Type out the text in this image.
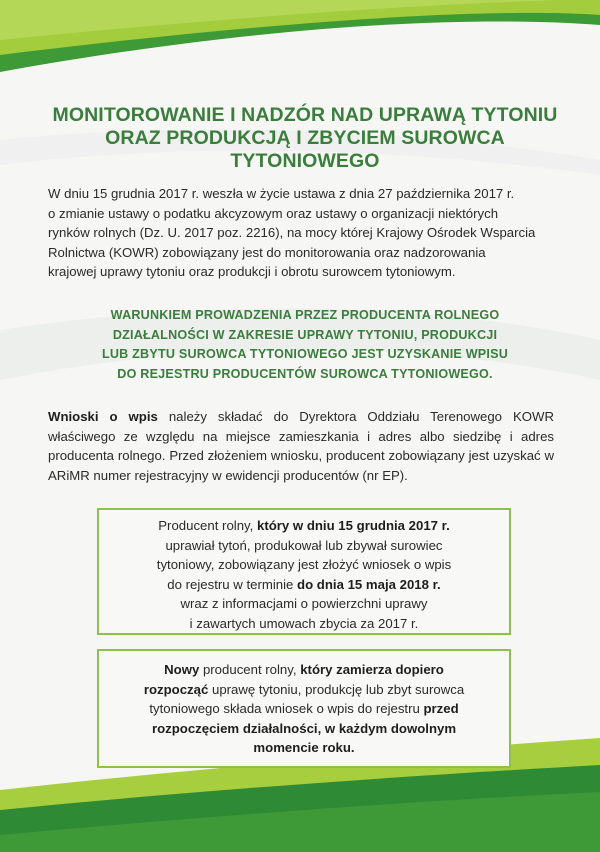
MONITOROWANIE I NADZÓR NAD UPRAWĄ TYTONIU
ORAZ PRODUKCJĄ I ZBYCIEM SUROWCA TYTONIOWEGO
W dniu 15 grudnia 2017 r. weszła w życie ustawa z dnia 27 października 2017 r.
o zmianie ustawy o podatku akcyzowym oraz ustawy o organizacji niektórych
rynków rolnych (Dz. U. 2017 poz. 2216), na mocy której Krajowy Ośrodek Wsparcia
Rolnictwa (KOWR) zobowiązany jest do monitorowania oraz nadzorowania
krajowej uprawy tytoniu oraz produkcji i obrotu surowcem tytoniowym.
WARUNKIEM PROWADZENIA PRZEZ PRODUCENTA ROLNEGO
DZIAŁALNOŚCI W ZAKRESIE UPRAWY TYTONIU, PRODUKCJI
LUB ZBYTU SUROWCA TYTONIOWEGO JEST UZYSKANIE WPISU
DO REJESTRU PRODUCENTÓW SUROWCA TYTONIOWEGO.
Wnioski o wpis należy składać do Dyrektora Oddziału Terenowego KOWR właściwego ze względu na miejsce zamieszkania i adres albo siedzibę i adres producenta rolnego. Przed złożeniem wniosku, producent zobowiązany jest uzyskać w ARiMR numer rejestracyjny w ewidencji producentów (nr EP).
Producent rolny, który w dniu 15 grudnia 2017 r.
uprawiał tytoń, produkował lub zbywał surowiec
tytoniowy, zobowiązany jest złożyć wniosek o wpis
do rejestru w terminie do dnia 15 maja 2018 r.
wraz z informacjami o powierzchni uprawy
i zawartych umowach zbycia za 2017 r.
Nowy producent rolny, który zamierza dopiero
rozpocząć uprawę tytoniu, produkcję lub zbyt surowca
tytoniowego składa wniosek o wpis do rejestru przed
rozpoczęciem działalności, w każdym dowolnym
momencie roku.
